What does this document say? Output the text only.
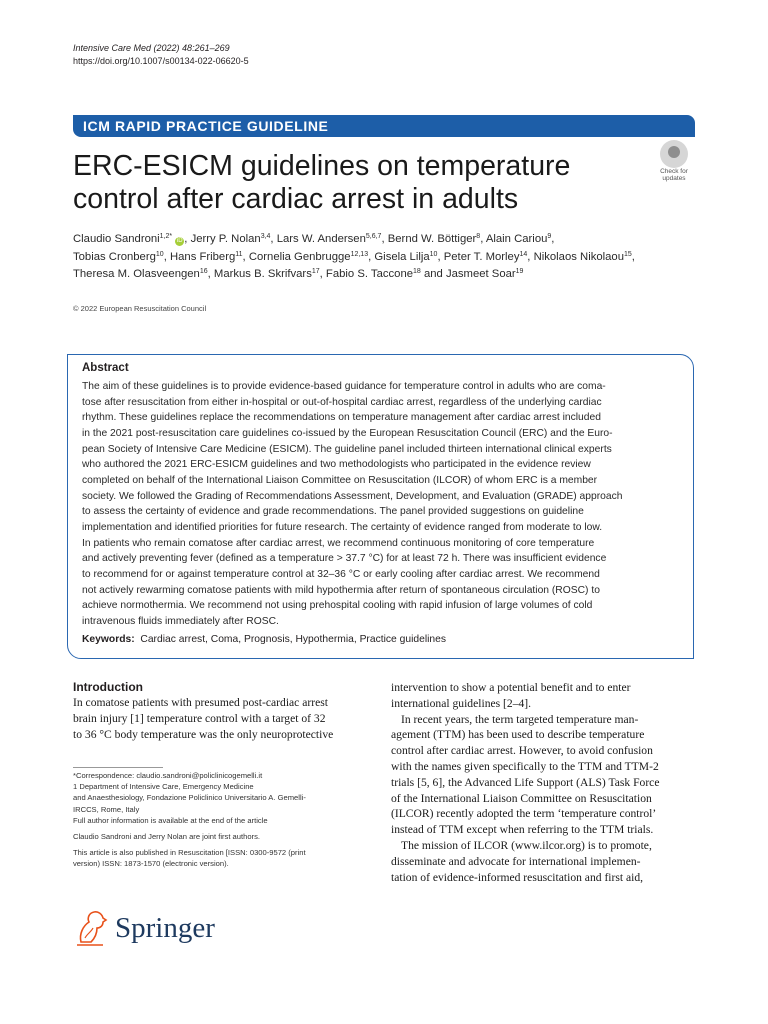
Intensive Care Med (2022) 48:261–269
https://doi.org/10.1007/s00134-022-06620-5
ICM RAPID PRACTICE GUIDELINE
ERC-ESICM guidelines on temperature control after cardiac arrest in adults
Check for updates
Claudio Sandroni$^{1,2*}$ iD , Jerry P. Nolan$^{3,4}$, Lars W. Andersen$^{5,6,7}$, Bernd W. Böttiger$^8$, Alain Cariou$^9$,
Tobias Cronberg$^{10}$, Hans Friberg$^{11}$, Cornelia Genbrugge$^{12,13}$, Gisela Lilja$^{10}$, Peter T. Morley$^{14}$, Nikolaos Nikolaou$^{15}$,
Theresa M. Olasveengen$^{16}$, Markus B. Skrifvars$^{17}$, Fabio S. Taccone$^{18}$ and Jasmeet Soar$^{19}$
© 2022 European Resuscitation Council
Abstract
The aim of these guidelines is to provide evidence-based guidance for temperature control in adults who are coma-
tose after resuscitation from either in-hospital or out-of-hospital cardiac arrest, regardless of the underlying cardiac
rhythm. These guidelines replace the recommendations on temperature management after cardiac arrest included
in the 2021 post-resuscitation care guidelines co-issued by the European Resuscitation Council (ERC) and the Euro-
pean Society of Intensive Care Medicine (ESICM). The guideline panel included thirteen international clinical experts
who authored the 2021 ERC-ESICM guidelines and two methodologists who participated in the evidence review
completed on behalf of the International Liaison Committee on Resuscitation (ILCOR) of whom ERC is a member
society. We followed the Grading of Recommendations Assessment, Development, and Evaluation (GRADE) approach
to assess the certainty of evidence and grade recommendations. The panel provided suggestions on guideline
implementation and identified priorities for future research. The certainty of evidence ranged from moderate to low.
In patients who remain comatose after cardiac arrest, we recommend continuous monitoring of core temperature
and actively preventing fever (defined as a temperature > 37.7 °C) for at least 72 h. There was insufficient evidence
to recommend for or against temperature control at 32–36 °C or early cooling after cardiac arrest. We recommend
not actively rewarming comatose patients with mild hypothermia after return of spontaneous circulation (ROSC) to
achieve normothermia. We recommend not using prehospital cooling with rapid infusion of large volumes of cold
intravenous fluids immediately after ROSC.
Keywords: Cardiac arrest, Coma, Prognosis, Hypothermia, Practice guidelines
Introduction
In comatose patients with presumed post-cardiac arrest
brain injury [1] temperature control with a target of 32
to 36 °C body temperature was the only neuroprotective
intervention to show a potential benefit and to enter
international guidelines [2–4].
In recent years, the term targeted temperature man-
agement (TTM) has been used to describe temperature
control after cardiac arrest. However, to avoid confusion
with the names given specifically to the TTM and TTM-2
trials [5, 6], the Advanced Life Support (ALS) Task Force
of the International Liaison Committee on Resuscitation
(ILCOR) recently adopted the term ‘temperature control’
instead of TTM except when referring to the TTM trials.
The mission of ILCOR (www.ilcor.org) is to promote,
disseminate and advocate for international implemen-
tation of evidence-informed resuscitation and first aid,
*Correspondence: claudio.sandroni@policlinicogemelli.it
1 Department of Intensive Care, Emergency Medicine
and Anaesthesiology, Fondazione Policlinico Universitario A. Gemelli-
IRCCS, Rome, Italy
Full author information is available at the end of the article
Claudio Sandroni and Jerry Nolan are joint first authors.
This article is also published in Resuscitation [ISSN: 0300-9572 (print
version) ISSN: 1873-1570 (electronic version).
Springer
